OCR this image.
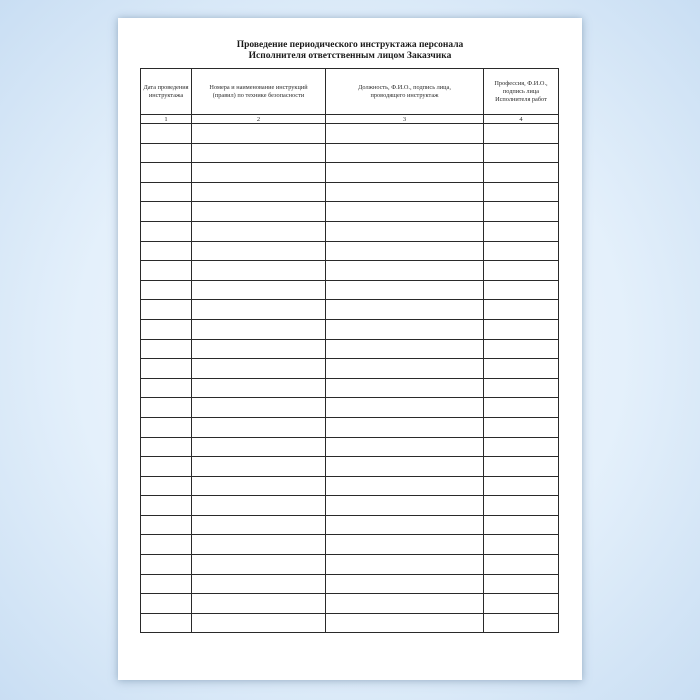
Проведение периодического инструктажа персонала
Исполнителя ответственным лицом Заказчика
Дата проведения инструктажа	Номера и наименование инструкций (правил) по технике безопасности	Должность, Ф.И.О., подпись лица, проводящего инструктаж	Профессия, Ф.И.О., подпись лица Исполнителя работ
1	2	3	4
